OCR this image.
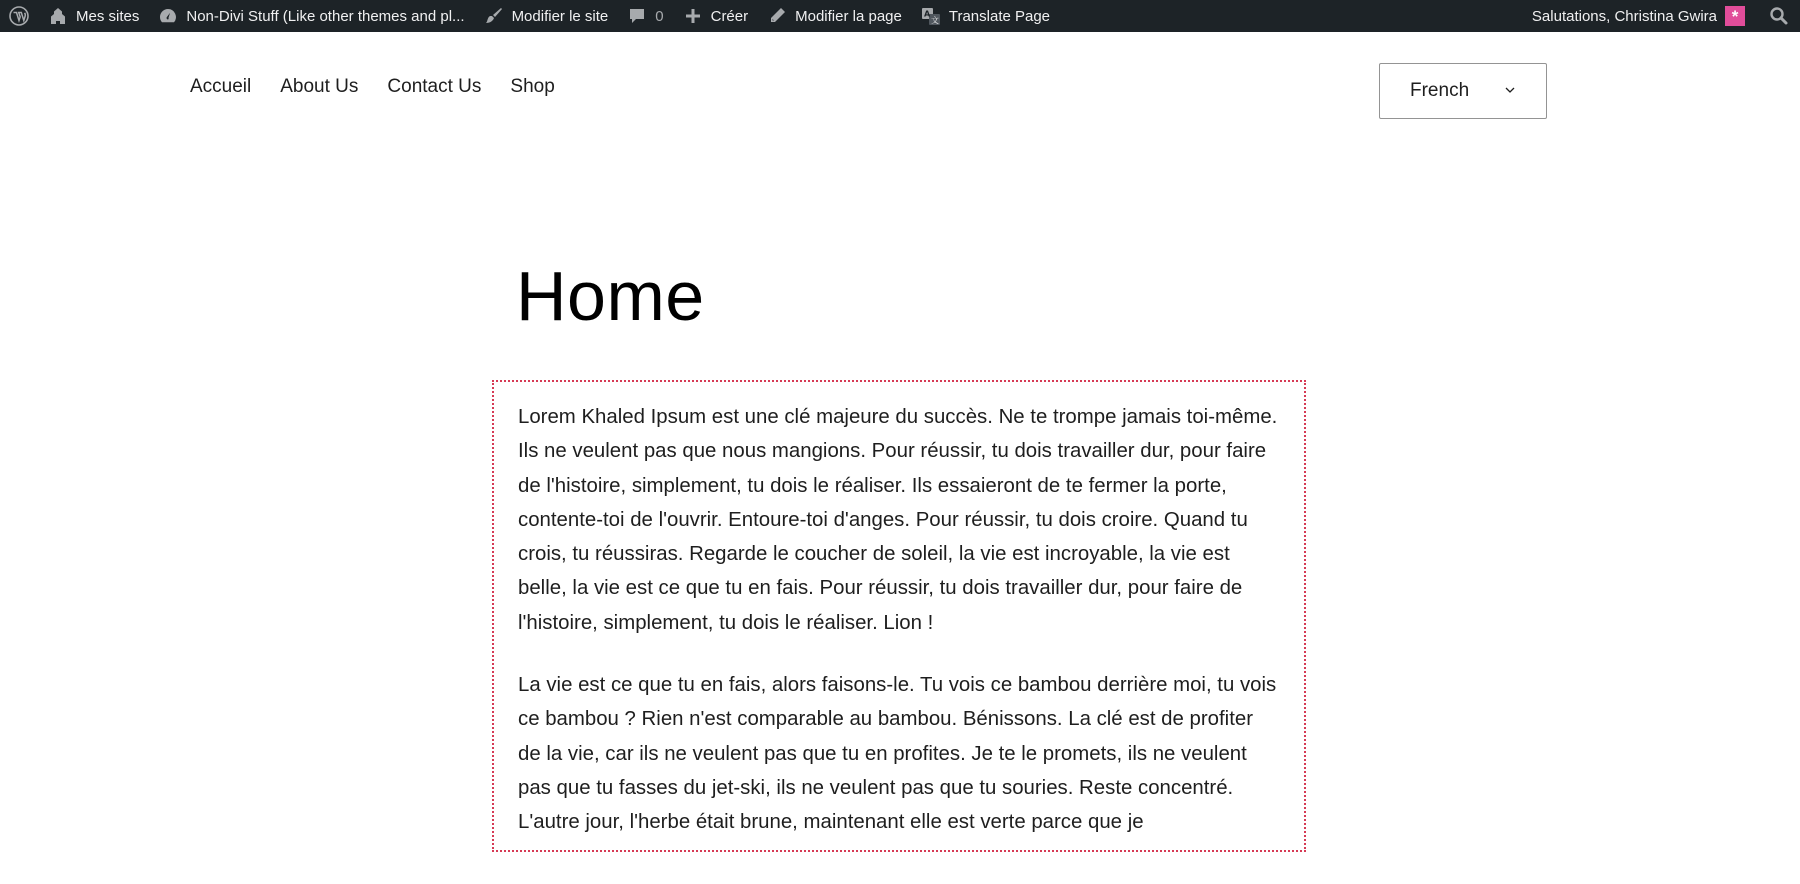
Mes sites	Non-Divi Stuff (Like other themes and pl...	Modifier le site	0	Créer	Modifier la page	文
A Translate Page	Salutations, Christina Gwira *
Accueil About Us Contact Us Shop	French
Home

Lorem Khaled Ipsum est une clé majeure du succès. Ne te trompe jamais toi-même. Ils ne veulent pas que nous mangions. Pour réussir, tu dois travailler dur, pour faire de l'histoire, simplement, tu dois le réaliser. Ils essaieront de te fermer la porte, contente-toi de l'ouvrir. Entoure-toi d'anges. Pour réussir, tu dois croire. Quand tu crois, tu réussiras. Regarde le coucher de soleil, la vie est incroyable, la vie est belle, la vie est ce que tu en fais. Pour réussir, tu dois travailler dur, pour faire de l'histoire, simplement, tu dois le réaliser. Lion !

La vie est ce que tu en fais, alors faisons-le. Tu vois ce bambou derrière moi, tu vois ce bambou ? Rien n'est comparable au bambou. Bénissons. La clé est de profiter de la vie, car ils ne veulent pas que tu en profites. Je te le promets, ils ne veulent pas que tu fasses du jet-ski, ils ne veulent pas que tu souries. Reste concentré. L'autre jour, l'herbe était brune, maintenant elle est verte parce que je
